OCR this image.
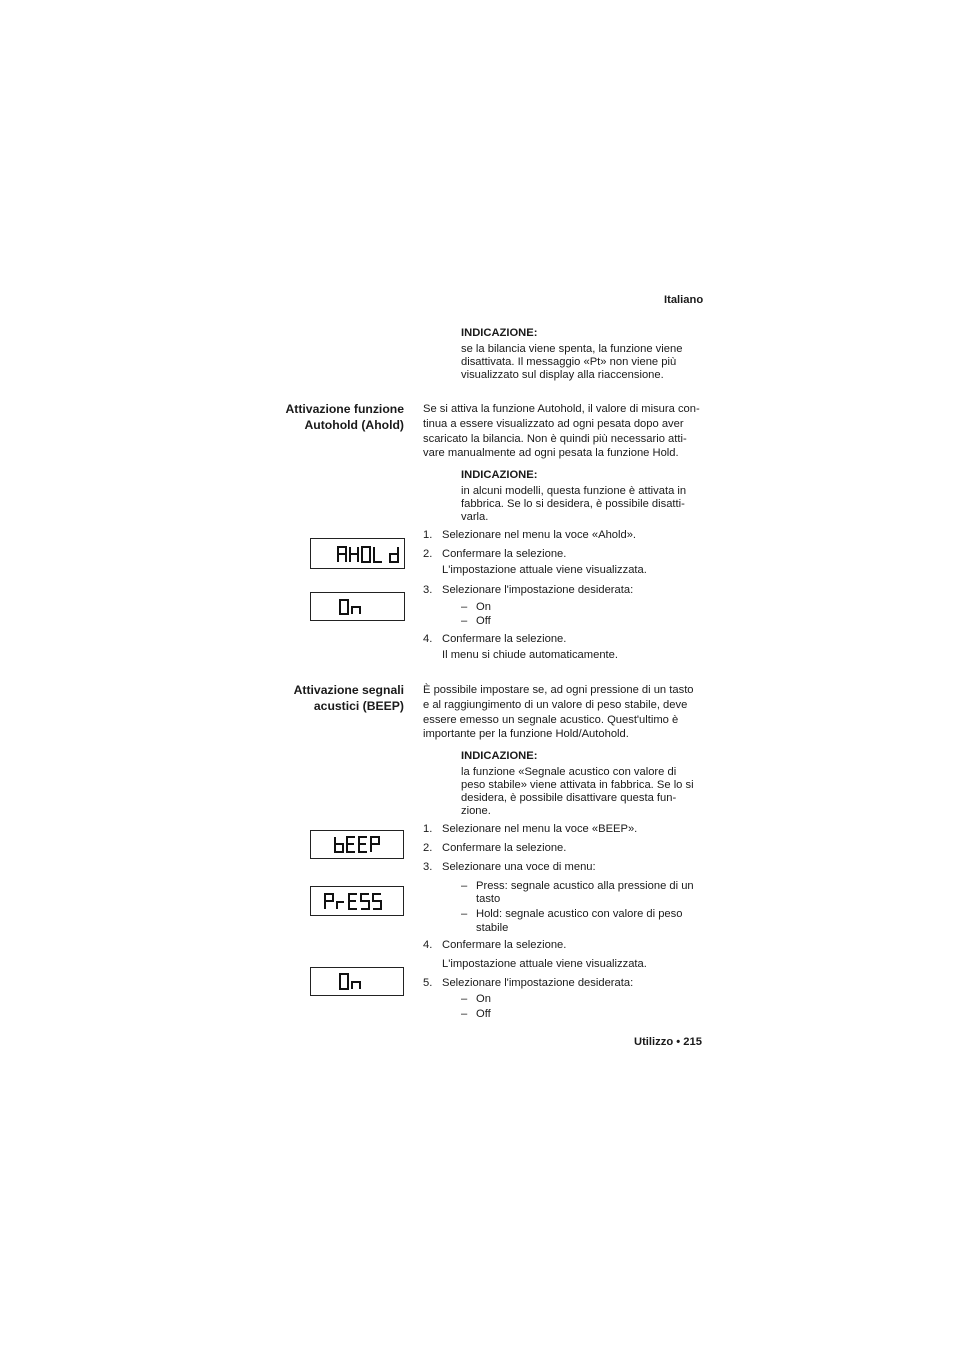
Italiano
INDICAZIONE:
se la bilancia viene spenta, la funzione viene
disattivata. Il messaggio «Pt» non viene più
visualizzato sul display alla riaccensione.
Attivazione funzione
Autohold (Ahold)
Se si attiva la funzione Autohold, il valore di misura con-
tinua a essere visualizzato ad ogni pesata dopo aver
scaricato la bilancia. Non è quindi più necessario atti-
vare manualmente ad ogni pesata la funzione Hold.
INDICAZIONE:
in alcuni modelli, questa funzione è attivata in
fabbrica. Se lo si desidera, è possibile disatti-
varla.
1. Selezionare nel menu la voce «Ahold».
2. Confermare la selezione.
L'impostazione attuale viene visualizzata.
3. Selezionare l'impostazione desiderata:
– On
– Off
4. Confermare la selezione.
Il menu si chiude automaticamente.
Attivazione segnali
acustici (BEEP)
È possibile impostare se, ad ogni pressione di un tasto
e al raggiungimento di un valore di peso stabile, deve
essere emesso un segnale acustico. Quest'ultimo è
importante per la funzione Hold/Autohold.
INDICAZIONE:
la funzione «Segnale acustico con valore di
peso stabile» viene attivata in fabbrica. Se lo si
desidera, è possibile disattivare questa fun-
zione.
1. Selezionare nel menu la voce «BEEP».
2. Confermare la selezione.
3. Selezionare una voce di menu:
– Press: segnale acustico alla pressione di un
tasto
– Hold: segnale acustico con valore di peso
stabile
4. Confermare la selezione.
L'impostazione attuale viene visualizzata.
5. Selezionare l'impostazione desiderata:
– On
– Off
Utilizzo • 215
